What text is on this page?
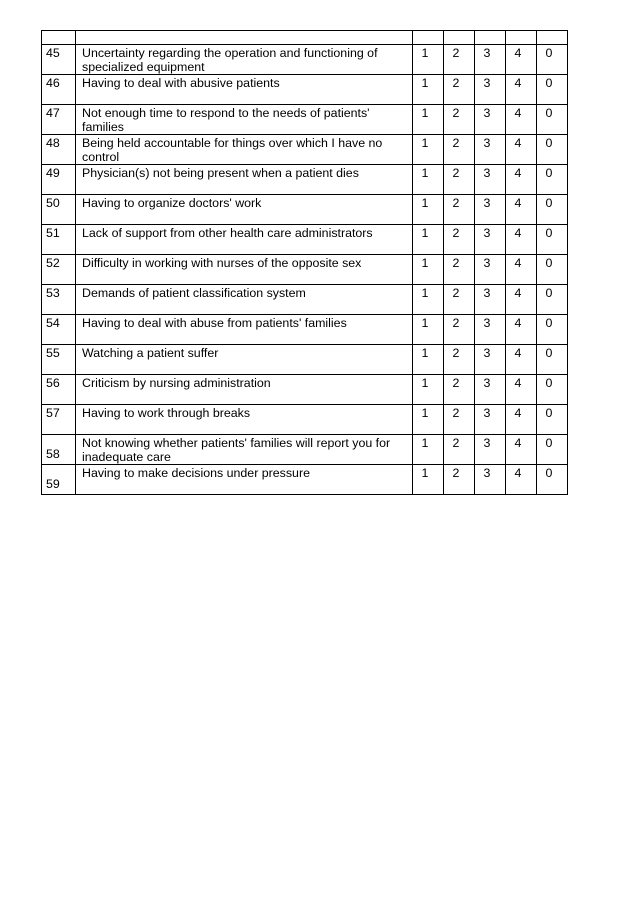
45	Uncertainty regarding the operation and functioning of specialized equipment	1	2	3	4	0
46	Having to deal with abusive patients	1	2	3	4	0
47	Not enough time to respond to the needs of patients' families	1	2	3	4	0
48	Being held accountable for things over which I have no control	1	2	3	4	0
49	Physician(s) not being present when a patient dies	1	2	3	4	0
50	Having to organize doctors' work	1	2	3	4	0
51	Lack of support from other health care administrators	1	2	3	4	0
52	Difficulty in working with nurses of the opposite sex	1	2	3	4	0
53	Demands of patient classification system	1	2	3	4	0
54	Having to deal with abuse from patients' families	1	2	3	4	0
55	Watching a patient suffer	1	2	3	4	0
56	Criticism by nursing administration	1	2	3	4	0
57	Having to work through breaks	1	2	3	4	0
58	Not knowing whether patients' families will report you for inadequate care	1	2	3	4	0
59	Having to make decisions under pressure	1	2	3	4	0
